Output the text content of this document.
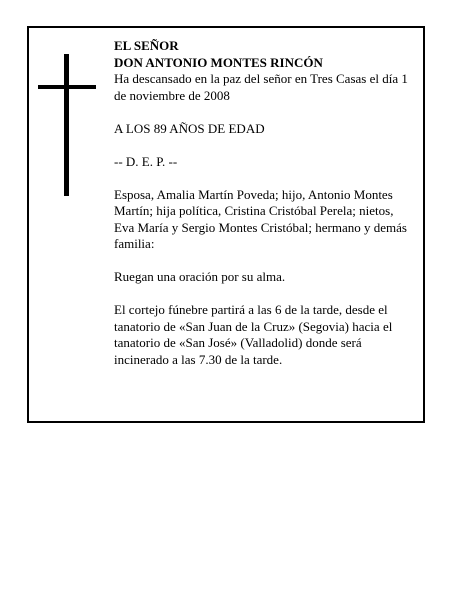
EL SEÑOR

DON ANTONIO MONTES RINCÓN

Ha descansado en la paz del señor en Tres Casas el día 1 de noviembre de 2008

A LOS 89 AÑOS DE EDAD

-- D. E. P. --

Esposa, Amalia Martín Poveda; hijo, Antonio Montes Martín; hija política, Cristina Cristóbal Perela; nietos, Eva María y Sergio Montes Cristóbal; hermano y demás familia:

Ruegan una oración por su alma.

El cortejo fúnebre partirá a las 6 de la tarde, desde el tanatorio de «San Juan de la Cruz» (Segovia) hacia el tanatorio de «San José» (Valladolid) donde será incinerado a las 7.30 de la tarde.
